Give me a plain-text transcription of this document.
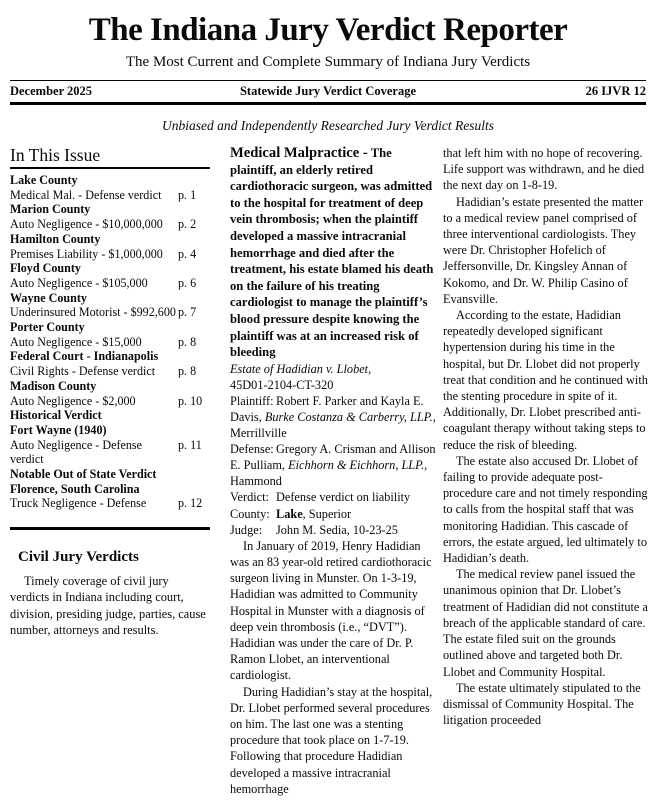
The Indiana Jury Verdict Reporter
The Most Current and Complete Summary of Indiana Jury Verdicts
December 2025	Statewide Jury Verdict Coverage	26 IJVR 12
Unbiased and Independently Researched Jury Verdict Results
In This Issue
Lake County
Medical Mal. - Defense verdict	p. 1
Marion County
Auto Negligence - $10,000,000	p. 2
Hamilton County
Premises Liability - $1,000,000	p. 4
Floyd County
Auto Negligence - $105,000	p. 6
Wayne County
Underinsured Motorist - $992,600 p. 7
Porter County
Auto Negligence - $15,000	p. 8
Federal Court - Indianapolis
Civil Rights - Defense verdict	p. 8
Madison County
Auto Negligence - $2,000	p. 10
Historical Verdict
Fort Wayne (1940)
Auto Negligence - Defense verdict
p. 11
Notable Out of State Verdict
Florence, South Carolina
Truck Negligence - Defense	p. 12
Civil Jury Verdicts

Timely coverage of civil jury verdicts in Indiana including court, division, presiding judge, parties, cause number, attorneys and results.

Medical Malpractice - The plaintiff, an elderly retired cardiothoracic surgeon, was admitted to the hospital for treatment of deep vein thrombosis; when the plaintiff developed a massive intracranial hemorrhage and died after the treatment, his estate blamed his death on the failure of his treating cardiologist to manage the plaintiff’s blood pressure despite knowing the plaintiff was at an increased risk of bleeding

Estate of Hadidian v. Llobet,
45D01-2104-CT-320

Plaintiff: Robert F. Parker and Kayla E. Davis, Burke Costanza & Carberry, LLP., Merrillville

Defense: Gregory A. Crisman and Allison E. Pulliam, Eichhorn & Eichhorn, LLP., Hammond

Verdict: Defense verdict on liability

County: Lake, Superior

Judge: John M. Sedia, 10-23-25

In January of 2019, Henry Hadidian was an 83 year-old retired cardiothoracic surgeon living in Munster. On 1-3-19, Hadidian was admitted to Community Hospital in Munster with a diagnosis of deep vein thrombosis (i.e., “DVT”). Hadidian was under the care of Dr. P. Ramon Llobet, an interventional cardiologist.

During Hadidian’s stay at the hospital, Dr. Llobet performed several procedures on him. The last one was a stenting procedure that took place on 1-7-19. Following that procedure Hadidian developed a massive intracranial hemorrhage

that left him with no hope of recovering. Life support was withdrawn, and he died the next day on 1-8-19.

Hadidian’s estate presented the matter to a medical review panel comprised of three interventional cardiologists. They were Dr. Christopher Hofelich of Jeffersonville, Dr. Kingsley Annan of Kokomo, and Dr. W. Philip Casino of Evansville.

According to the estate, Hadidian repeatedly developed significant hypertension during his time in the hospital, but Dr. Llobet did not properly treat that condition and he continued with the stenting procedure in spite of it. Additionally, Dr. Llobet prescribed anti-coagulant therapy without taking steps to reduce the risk of bleeding.

The estate also accused Dr. Llobet of failing to provide adequate post-procedure care and not timely responding to calls from the hospital staff that was monitoring Hadidian. This cascade of errors, the estate argued, led ultimately to Hadidian’s death.

The medical review panel issued the unanimous opinion that Dr. Llobet’s treatment of Hadidian did not constitute a breach of the applicable standard of care. The estate filed suit on the grounds outlined above and targeted both Dr. Llobet and Community Hospital.

The estate ultimately stipulated to the dismissal of Community Hospital. The litigation proceeded
